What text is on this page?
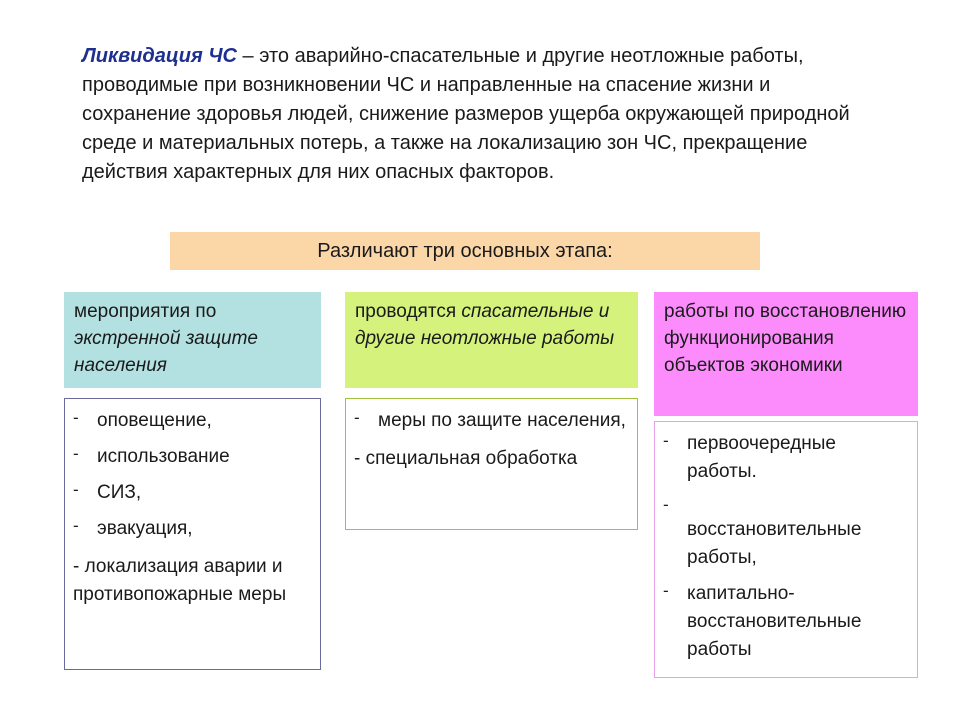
Ликвидация ЧС – это аварийно-спасательные и другие неотложные работы, проводимые при возникновении ЧС и направленные на спасение жизни и сохранение здоровья людей, снижение размеров ущерба окружающей природной среде и материальных потерь, а также на локализацию зон ЧС, прекращение действия характерных для них опасных факторов.
Различают три основных этапа:
мероприятия по экстренной защите населения
- оповещение,
- использование
- СИЗ,
- эвакуация,
- локализация аварии и противопожарные меры
проводятся спасательные и другие неотложные работы
- меры по защите населения,
- специальная обработка
работы по восстановлению функционирования объектов экономики
- первоочередные работы.
-
восстановительные работы,
- капитально-восстановительные работы
